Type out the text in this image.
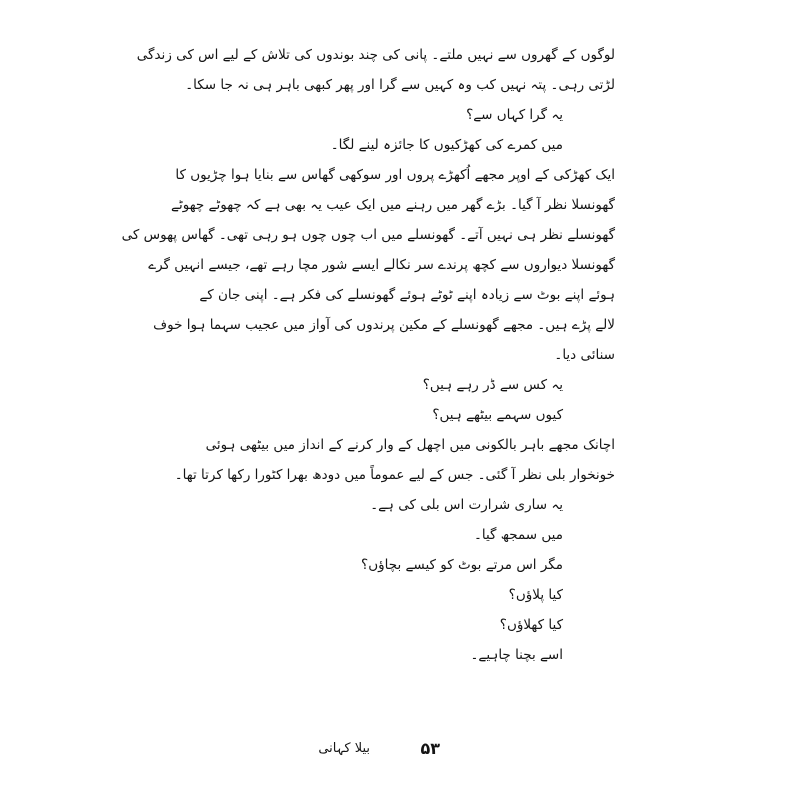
لوگوں کے گھروں سے نہیں ملتے۔ پانی کی چند بوندوں کی تلاش کے لیے اس کی زندگی
لڑتی رہی۔ پتہ نہیں کب وہ کہیں سے گرا اور پھر کبھی باہر ہی نہ جا سکا۔
یہ گرا کہاں سے؟
میں کمرے کی کھڑکیوں کا جائزہ لینے لگا۔
ایک کھڑکی کے اوپر مجھے اُکھڑے پروں اور سوکھی گھاس سے بنایا ہوا چڑیوں کا
گھونسلا نظر آ گیا۔ بڑے گھر میں رہنے میں ایک عیب یہ بھی ہے کہ چھوٹے چھوٹے
گھونسلے نظر ہی نہیں آتے۔ گھونسلے میں اب چوں چوں ہو رہی تھی۔ گھاس پھوس کی
گھونسلا دیواروں سے کچھ پرندے سر نکالے ایسے شور مچا رہے تھے، جیسے انہیں گرے
ہوئے اپنے بوٹ سے زیادہ اپنے ٹوٹے ہوئے گھونسلے کی فکر ہے۔ اپنی جان کے
لالے پڑے ہیں۔ مجھے گھونسلے کے مکین پرندوں کی آواز میں عجیب سہما ہوا خوف
سنائی دیا۔
یہ کس سے ڈر رہے ہیں؟
کیوں سہمے بیٹھے ہیں؟
اچانک مجھے باہر بالکونی میں اچھل کے وار کرنے کے انداز میں بیٹھی ہوئی
خونخوار بلی نظر آ گئی۔ جس کے لیے عموماً میں دودھ بھرا کٹورا رکھا کرتا تھا۔
یہ ساری شرارت اس بلی کی ہے۔
میں سمجھ گیا۔
مگر اس مرتے بوٹ کو کیسے بچاؤں؟
کیا پلاؤں؟
کیا کھلاؤں؟
اسے بچنا چاہیے۔
۵۳
بیلا کہانی
